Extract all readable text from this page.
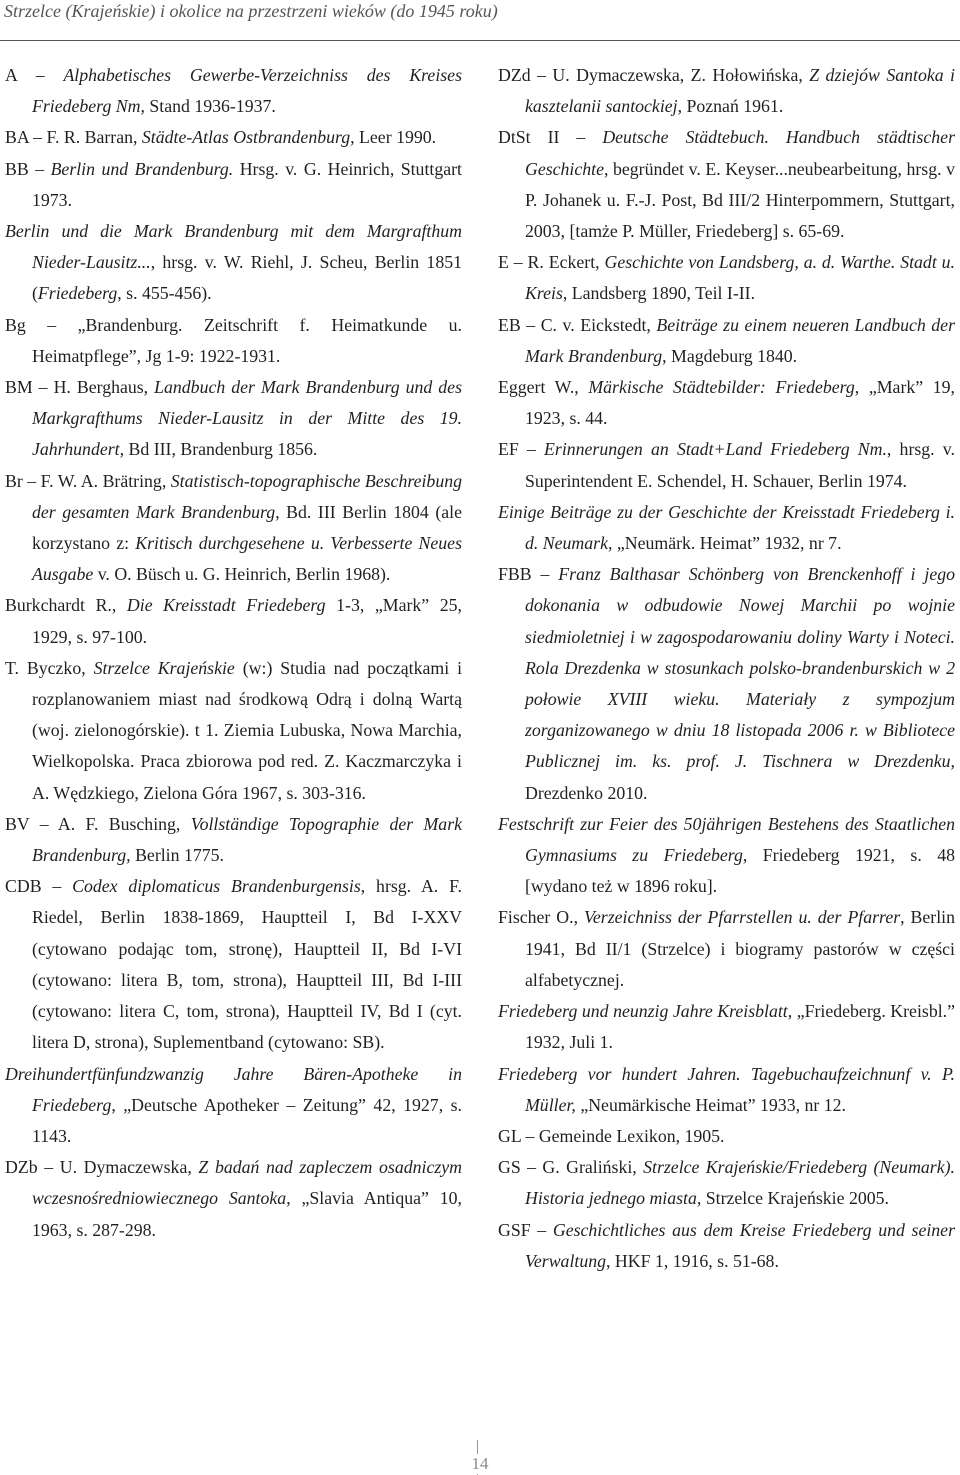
Strzelce (Krajeńskie) i okolice na przestrzeni wieków (do 1945 roku)

A – Alphabetisches Gewerbe-Verzeichniss des Kreises Friedeberg Nm, Stand 1936-1937.

BA – F. R. Barran, Städte-Atlas Ostbrandenburg, Leer 1990.

BB – Berlin und Brandenburg. Hrsg. v. G. Heinrich, Stuttgart 1973.

Berlin und die Mark Brandenburg mit dem Margrafthum Nieder-Lausitz..., hrsg. v. W. Riehl, J. Scheu, Berlin 1851 (Friedeberg, s. 455-456).

Bg – „Brandenburg. Zeitschrift f. Heimatkunde u. Heimatpflege”, Jg 1-9: 1922-1931.

BM – H. Berghaus, Landbuch der Mark Brandenburg und des Markgrafthums Nieder-Lausitz in der Mitte des 19. Jahrhundert, Bd III, Brandenburg 1856.

Br – F. W. A. Brätring, Statistisch-topographische Beschreibung der gesamten Mark Brandenburg, Bd. III Berlin 1804 (ale korzystano z: Kritisch durchgesehene u. Verbesserte Neues Ausgabe v. O. Büsch u. G. Heinrich, Berlin 1968).

Burkchardt R., Die Kreisstadt Friedeberg 1-3, „Mark” 25, 1929, s. 97-100.

T. Byczko, Strzelce Krajeńskie (w:) Studia nad początkami i rozplanowaniem miast nad środkową Odrą i dolną Wartą (woj. zielonogórskie). t 1. Ziemia Lubuska, Nowa Marchia, Wielkopolska. Praca zbiorowa pod red. Z. Kaczmarczyka i A. Wędzkiego, Zielona Góra 1967, s. 303-316.

BV – A. F. Busching, Vollständige Topographie der Mark Brandenburg, Berlin 1775.

CDB – Codex diplomaticus Brandenburgensis, hrsg. A. F. Riedel, Berlin 1838-1869, Hauptteil I, Bd I-XXV (cytowano podając tom, stronę), Hauptteil II, Bd I-VI (cytowano: litera B, tom, strona), Hauptteil III, Bd I-III (cytowano: litera C, tom, strona), Hauptteil IV, Bd I (cyt. litera D, strona), Suplementband (cytowano: SB).

Dreihundertfünfundzwanzig Jahre Bären-Apotheke in Friedeberg, „Deutsche Apotheker – Zeitung” 42, 1927, s. 1143.

DZb – U. Dymaczewska, Z badań nad zapleczem osadniczym wczesnośredniowiecznego Santoka, „Slavia Antiqua” 10, 1963, s. 287-298.

DZd – U. Dymaczewska, Z. Hołowińska, Z dziejów Santoka i kasztelanii santockiej, Poznań 1961.

DtSt II – Deutsche Städtebuch. Handbuch städtischer Geschichte, begründet v. E. Keyser...neubearbeitung, hrsg. v P. Johanek u. F.-J. Post, Bd III/2 Hinterpommern, Stuttgart, 2003, [tamże P. Müller, Friedeberg] s. 65-69.

E – R. Eckert, Geschichte von Landsberg, a. d. Warthe. Stadt u. Kreis, Landsberg 1890, Teil I-II.

EB – C. v. Eickstedt, Beiträge zu einem neueren Landbuch der Mark Brandenburg, Magdeburg 1840.

Eggert W., Märkische Städtebilder: Friedeberg, „Mark” 19, 1923, s. 44.

EF – Erinnerungen an Stadt+Land Friedeberg Nm., hrsg. v. Superintendent E. Schendel, H. Schauer, Berlin 1974.

Einige Beiträge zu der Geschichte der Kreisstadt Friedeberg i. d. Neumark, „Neumärk. Heimat” 1932, nr 7.

FBB – Franz Balthasar Schönberg von Brenckenhoff i jego dokonania w odbudowie Nowej Marchii po wojnie siedmioletniej i w zagospodarowaniu doliny Warty i Noteci. Rola Drezdenka w stosunkach polsko-brandenburskich w 2 połowie XVIII wieku. Materiały z sympozjum zorganizowanego w dniu 18 listopada 2006 r. w Bibliotece Publicznej im. ks. prof. J. Tischnera w Drezdenku, Drezdenko 2010.

Festschrift zur Feier des 50jährigen Bestehens des Staatlichen Gymnasiums zu Friedeberg, Friedeberg 1921, s. 48 [wydano też w 1896 roku].

Fischer O., Verzeichniss der Pfarrstellen u. der Pfarrer, Berlin 1941, Bd II/1 (Strzelce) i biogramy pastorów w części alfabetycznej.

Friedeberg und neunzig Jahre Kreisblatt, „Friedeberg. Kreisbl.” 1932, Juli 1.

Friedeberg vor hundert Jahren. Tagebuchaufzeichnunf v. P. Müller, „Neumärkische Heimat” 1933, nr 12.

GL – Gemeinde Lexikon, 1905.

GS – G. Graliński, Strzelce Krajeńskie/Friedeberg (Neumark). Historia jednego miasta, Strzelce Krajeńskie 2005.

GSF – Geschichtliches aus dem Kreise Friedeberg und seiner Verwaltung, HKF 1, 1916, s. 51-68.

14
